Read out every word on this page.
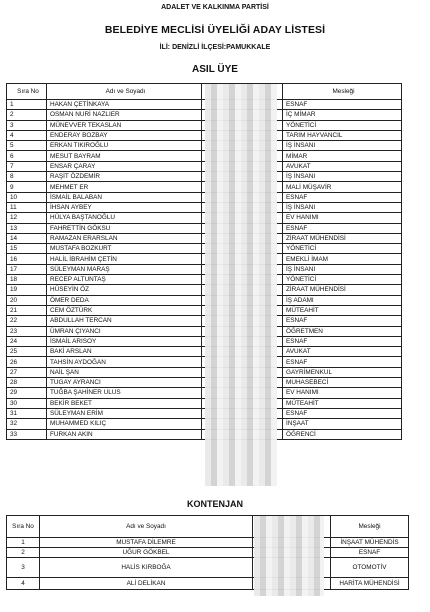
ADALET VE KALKINMA PARTİSİ
BELEDİYE MECLİSİ ÜYELİĞİ ADAY LİSTESİ
İLİ: DENİZLİ İLÇESİ:PAMUKKALE
ASIL ÜYE
Sıra No	Adı ve Soyadı		Mesleği
1	HAKAN ÇETİNKAYA		ESNAF
2	OSMAN NURİ NAZLIER		İÇ MİMAR
3	MÜNEVVER TEKASLAN		YÖNETİCİ
4	ENDERAY BOZBAY		TARIM HAYVANCIL
5	ERKAN TIKIROĞLU		İŞ İNSANI
6	MESUT BAYRAM		MİMAR
7	ENSAR ÇARAY		AVUKAT
8	RAŞİT ÖZDEMİR		İŞ İNSANI
9	MEHMET ER		MALİ MÜŞAVİR
10	İSMAİL BALABAN		ESNAF
11	İHSAN AYBEY		İŞ İNSANI
12	HÜLYA BAŞTANOĞLU		EV HANIMI
13	FAHRETTİN GÖKSU		ESNAF
14	RAMAZAN ERARSLAN		ZİRAAT MÜHENDİSİ
15	MUSTAFA BOZKURT		YÖNETİCİ
16	HALİL İBRAHİM ÇETİN		EMEKLİ İMAM
17	SÜLEYMAN MARAŞ		İŞ İNSANI
18	RECEP ALTUNTAŞ		YÖNETİCİ
19	HÜSEYİN ÖZ		ZİRAAT MÜHENDİSİ
20	ÖMER DEDA		İŞ ADAMI
21	CEM ÖZTÜRK		MÜTEAHİT
22	ABDULLAH TERCAN		ESNAF
23	ÜMRAN ÇIYANCI		ÖĞRETMEN
24	İSMAİL ARISOY		ESNAF
25	BAKİ ARSLAN		AVUKAT
26	TAHSİN AYDOĞAN		ESNAF
27	NAİL ŞAN		GAYRİMENKUL
28	TUGAY AYRANCI		MUHASEBECİ
29	TUĞBA ŞAHİNER ULUS		EV HANIMI
30	BEKİR BEKET		MÜTEAHİT
31	SÜLEYMAN ERİM		ESNAF
32	MUHAMMED KILIÇ		İNŞAAT
33	FURKAN AKIN		ÖĞRENCİ
KONTENJAN
Sıra No	Adı ve Soyadı		Mesleği
1	MUSTAFA DİLEMRE		İNŞAAT MÜHENDİS
2	UĞUR GÖKBEL		ESNAF
3	HALİS KIRBOĞA		OTOMOTİV
4	ALİ DELİKAN		HARİTA MÜHENDİSİ
